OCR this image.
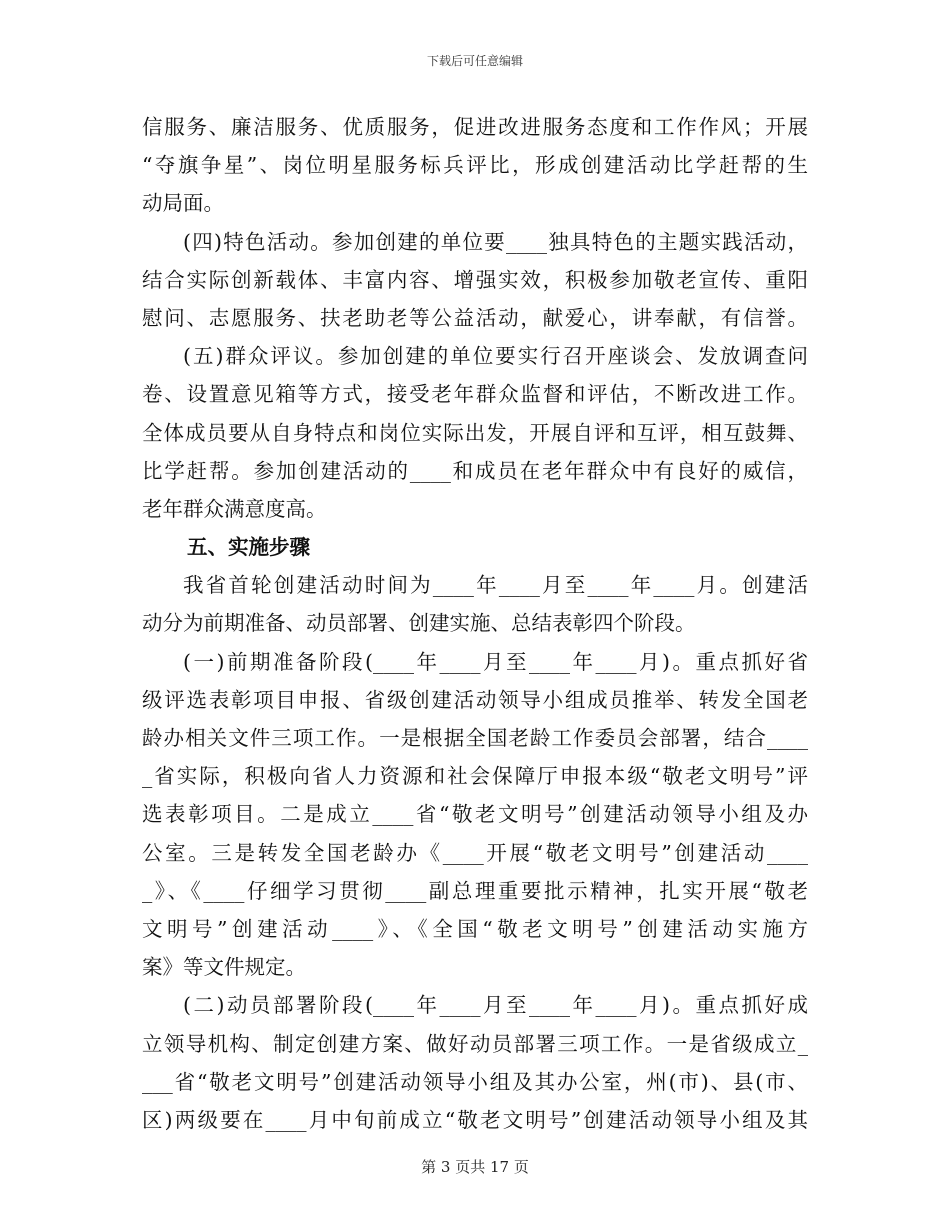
下载后可任意编辑
信服务、廉洁服务、优质服务，促进改进服务态度和工作作风；开展
“夺旗争星”、岗位明星服务标兵评比，形成创建活动比学赶帮的生
动局面。
(四)特色活动。参加创建的单位要____独具特色的主题实践活动，
结合实际创新载体、丰富内容、增强实效，积极参加敬老宣传、重阳
慰问、志愿服务、扶老助老等公益活动，献爱心，讲奉献，有信誉。
(五)群众评议。参加创建的单位要实行召开座谈会、发放调查问
卷、设置意见箱等方式，接受老年群众监督和评估，不断改进工作。
全体成员要从自身特点和岗位实际出发，开展自评和互评，相互鼓舞、
比学赶帮。参加创建活动的____和成员在老年群众中有良好的威信，
老年群众满意度高。
五、实施步骤
我省首轮创建活动时间为____年____月至____年____月。创建活
动分为前期准备、动员部署、创建实施、总结表彰四个阶段。
(一)前期准备阶段(____年____月至____年____月)。重点抓好省
级评选表彰项目申报、省级创建活动领导小组成员推举、转发全国老
龄办相关文件三项工作。一是根据全国老龄工作委员会部署，结合____
_省实际，积极向省人力资源和社会保障厅申报本级“敬老文明号”评
选表彰项目。二是成立____省“敬老文明号”创建活动领导小组及办
公室。三是转发全国老龄办《____开展“敬老文明号”创建活动____
_》、《____仔细学习贯彻____副总理重要批示精神，扎实开展“敬老
文明号”创建活动____》、《全国“敬老文明号”创建活动实施方
案》等文件规定。
(二)动员部署阶段(____年____月至____年____月)。重点抓好成
立领导机构、制定创建方案、做好动员部署三项工作。一是省级成立_
___省“敬老文明号”创建活动领导小组及其办公室，州(市)、县(市、
区)两级要在____月中旬前成立“敬老文明号”创建活动领导小组及其
第 3 页共 17 页
